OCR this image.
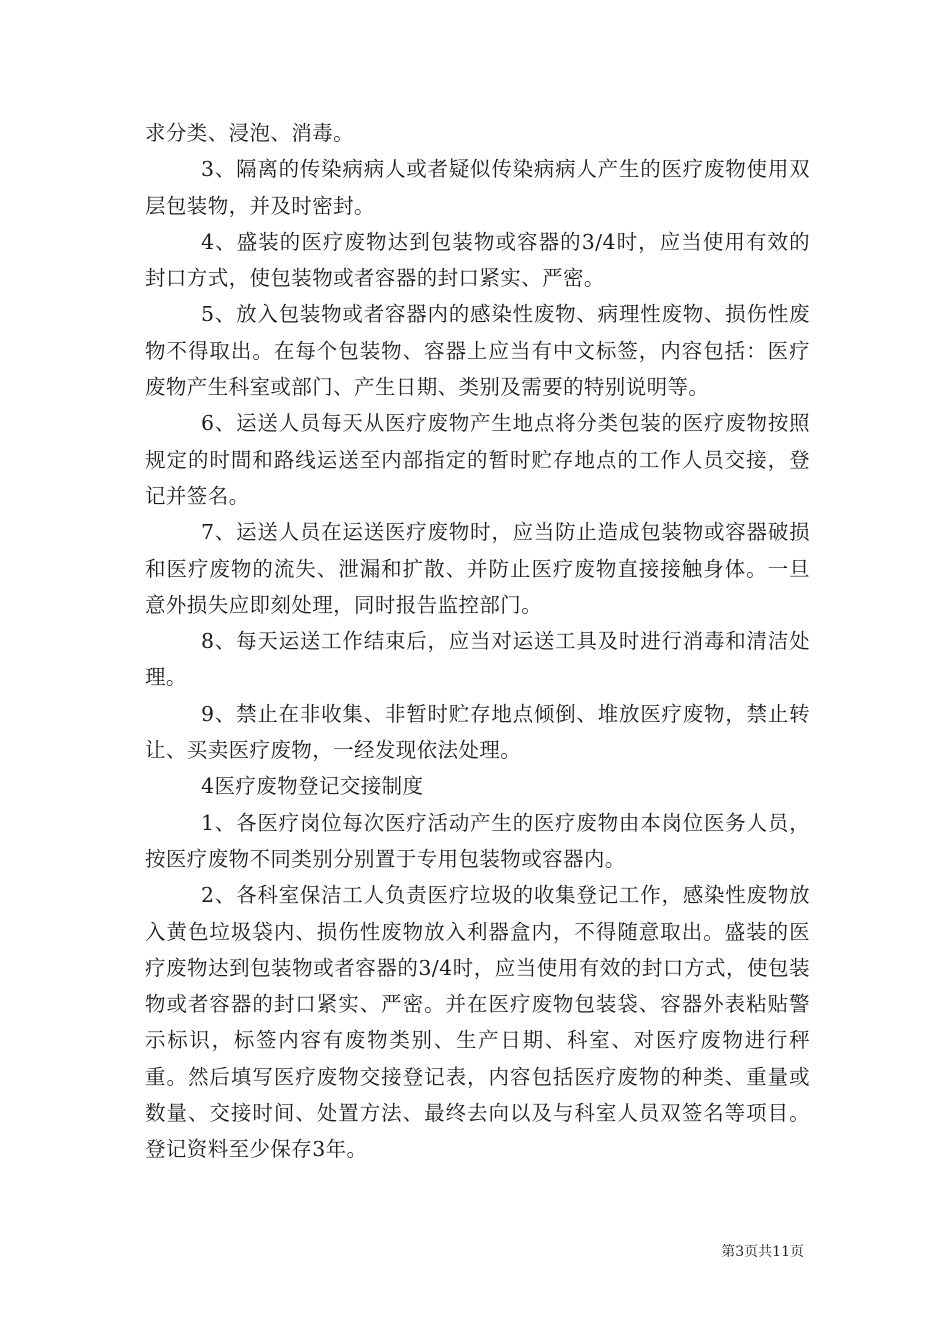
求分类、浸泡、消毒。

3、隔离的传染病病人或者疑似传染病病人产生的医疗废物使用双层包装物，并及时密封。

4、盛装的医疗废物达到包装物或容器的3/4时，应当使用有效的封口方式，使包装物或者容器的封口紧实、严密。

5、放入包装物或者容器内的感染性废物、病理性废物、损伤性废物不得取出。在每个包装物、容器上应当有中文标签，内容包括：医疗废物产生科室或部门、产生日期、类别及需要的特别说明等。

6、运送人员每天从医疗废物产生地点将分类包装的医疗废物按照规定的时間和路线运送至内部指定的暂时贮存地点的工作人员交接，登记并签名。

7、运送人员在运送医疗废物时，应当防止造成包装物或容器破损和医疗废物的流失、泄漏和扩散、并防止医疗废物直接接触身体。一旦意外损失应即刻处理，同时报告监控部门。

8、每天运送工作结束后，应当对运送工具及时进行消毒和清洁处理。

9、禁止在非收集、非暂时贮存地点倾倒、堆放医疗废物，禁止转让、买卖医疗废物，一经发现依法处理。

4医疗废物登记交接制度

1、各医疗岗位每次医疗活动产生的医疗废物由本岗位医务人员，按医疗废物不同类别分别置于专用包装物或容器内。

2、各科室保洁工人负责医疗垃圾的收集登记工作，感染性废物放入黄色垃圾袋内、损伤性废物放入利器盒内，不得随意取出。盛装的医疗废物达到包装物或者容器的3/4时，应当使用有效的封口方式，使包装物或者容器的封口紧实、严密。并在医疗废物包装袋、容器外表粘贴警示标识，标签内容有废物类别、生产日期、科室、对医疗废物进行秤重。然后填写医疗废物交接登记表，内容包括医疗废物的种类、重量或数量、交接时间、处置方法、最终去向以及与科室人员双签名等项目。登记资料至少保存3年。

第3页共11页
